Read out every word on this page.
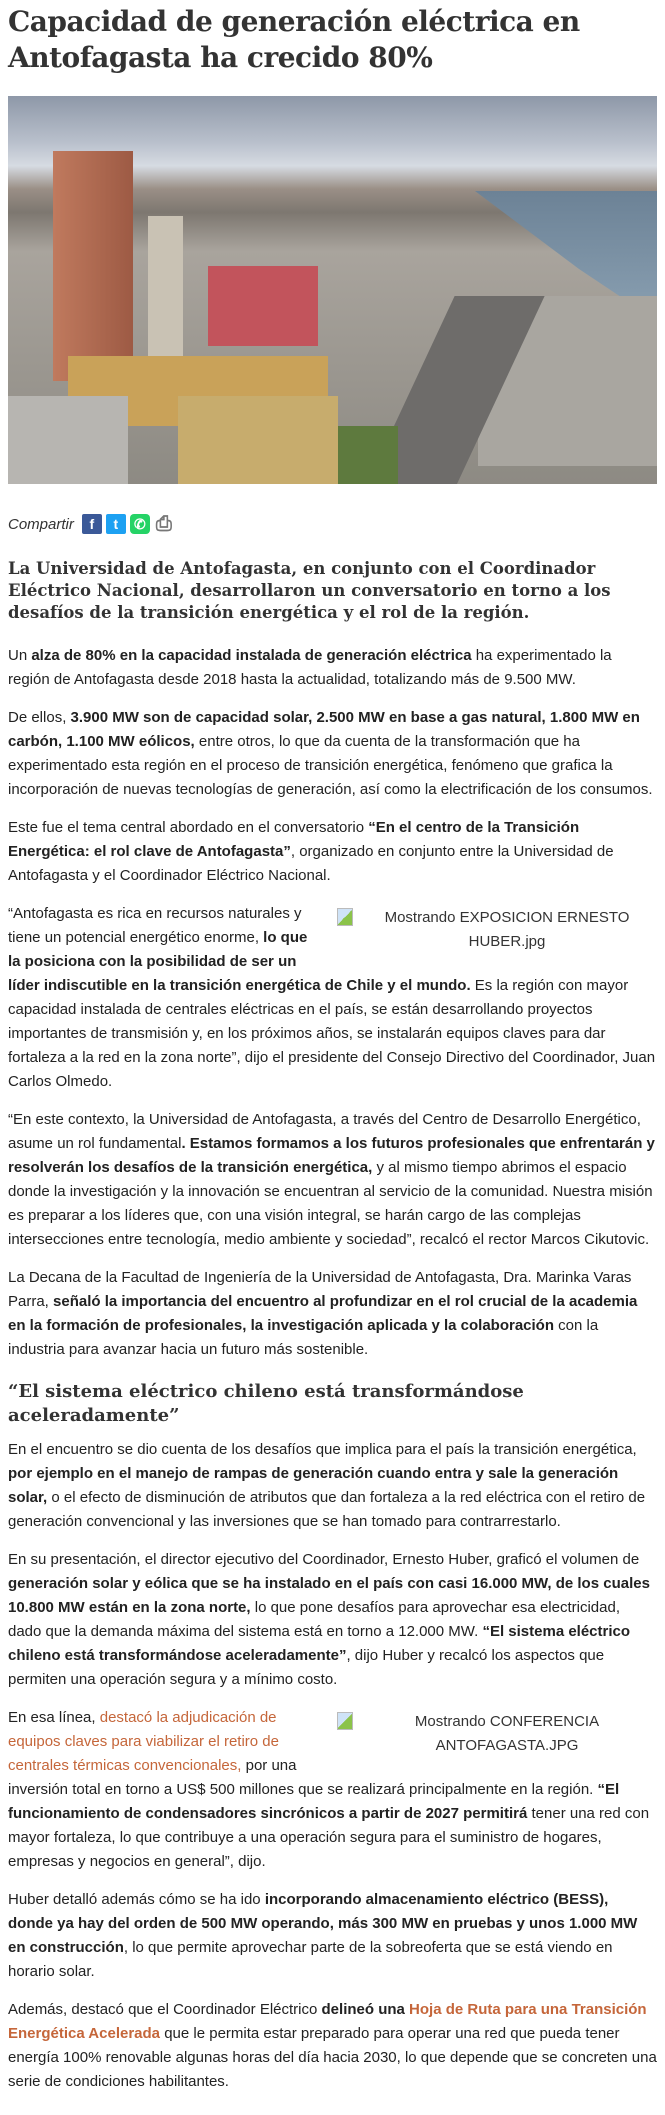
Capacidad de generación eléctrica en Antofagasta ha crecido 80%
Compartir	f	t	✆ ⎙
La Universidad de Antofagasta, en conjunto con el Coordinador Eléctrico Nacional, desarrollaron un conversatorio en torno a los desafíos de la transición energética y el rol de la región.

Un alza de 80% en la capacidad instalada de generación eléctrica ha experimentado la región de Antofagasta desde 2018 hasta la actualidad, totalizando más de 9.500 MW.

De ellos, 3.900 MW son de capacidad solar, 2.500 MW en base a gas natural, 1.800 MW en carbón, 1.100 MW eólicos, entre otros, lo que da cuenta de la transformación que ha experimentado esta región en el proceso de transición energética, fenómeno que grafica la incorporación de nuevas tecnologías de generación, así como la electrificación de los consumos.

Este fue el tema central abordado en el conversatorio “En el centro de la Transición Energética: el rol clave de Antofagasta”, organizado en conjunto entre la Universidad de Antofagasta y el Coordinador Eléctrico Nacional.

Mostrando EXPOSICION ERNESTO HUBER.jpg

“Antofagasta es rica en recursos naturales y tiene un potencial energético enorme, lo que la posiciona con la posibilidad de ser un líder indiscutible en la transición energética de Chile y el mundo. Es la región con mayor capacidad instalada de centrales eléctricas en el país, se están desarrollando proyectos importantes de transmisión y, en los próximos años, se instalarán equipos claves para dar fortaleza a la red en la zona norte”, dijo el presidente del Consejo Directivo del Coordinador, Juan Carlos Olmedo.

“En este contexto, la Universidad de Antofagasta, a través del Centro de Desarrollo Energético, asume un rol fundamental. Estamos formamos a los futuros profesionales que enfrentarán y resolverán los desafíos de la transición energética, y al mismo tiempo abrimos el espacio donde la investigación y la innovación se encuentran al servicio de la comunidad. Nuestra misión es preparar a los líderes que, con una visión integral, se harán cargo de las complejas intersecciones entre tecnología, medio ambiente y sociedad”, recalcó el rector Marcos Cikutovic.

La Decana de la Facultad de Ingeniería de la Universidad de Antofagasta, Dra. Marinka Varas Parra, señaló la importancia del encuentro al profundizar en el rol crucial de la academia en la formación de profesionales, la investigación aplicada y la colaboración con la industria para avanzar hacia un futuro más sostenible.

“El sistema eléctrico chileno está transformándose aceleradamente”

En el encuentro se dio cuenta de los desafíos que implica para el país la transición energética, por ejemplo en el manejo de rampas de generación cuando entra y sale la generación solar, o el efecto de disminución de atributos que dan fortaleza a la red eléctrica con el retiro de generación convencional y las inversiones que se han tomado para contrarrestarlo.

En su presentación, el director ejecutivo del Coordinador, Ernesto Huber, graficó el volumen de generación solar y eólica que se ha instalado en el país con casi 16.000 MW, de los cuales 10.800 MW están en la zona norte, lo que pone desafíos para aprovechar esa electricidad, dado que la demanda máxima del sistema está en torno a 12.000 MW. “El sistema eléctrico chileno está transformándose aceleradamente”, dijo Huber y recalcó los aspectos que permiten una operación segura y a mínimo costo.

Mostrando CONFERENCIA ANTOFAGASTA.JPG

En esa línea, destacó la adjudicación de equipos claves para viabilizar el retiro de centrales térmicas convencionales, por una inversión total en torno a US$ 500 millones que se realizará principalmente en la región. “El funcionamiento de condensadores sincrónicos a partir de 2027 permitirá tener una red con mayor fortaleza, lo que contribuye a una operación segura para el suministro de hogares, empresas y negocios en general”, dijo.

Huber detalló además cómo se ha ido incorporando almacenamiento eléctrico (BESS), donde ya hay del orden de 500 MW operando, más 300 MW en pruebas y unos 1.000 MW en construcción, lo que permite aprovechar parte de la sobreoferta que se está viendo en horario solar.

Además, destacó que el Coordinador Eléctrico delineó una Hoja de Ruta para una Transición Energética Acelerada que le permita estar preparado para operar una red que pueda tener energía 100% renovable algunas horas del día hacia 2030, lo que depende que se concreten una serie de condiciones habilitantes.
